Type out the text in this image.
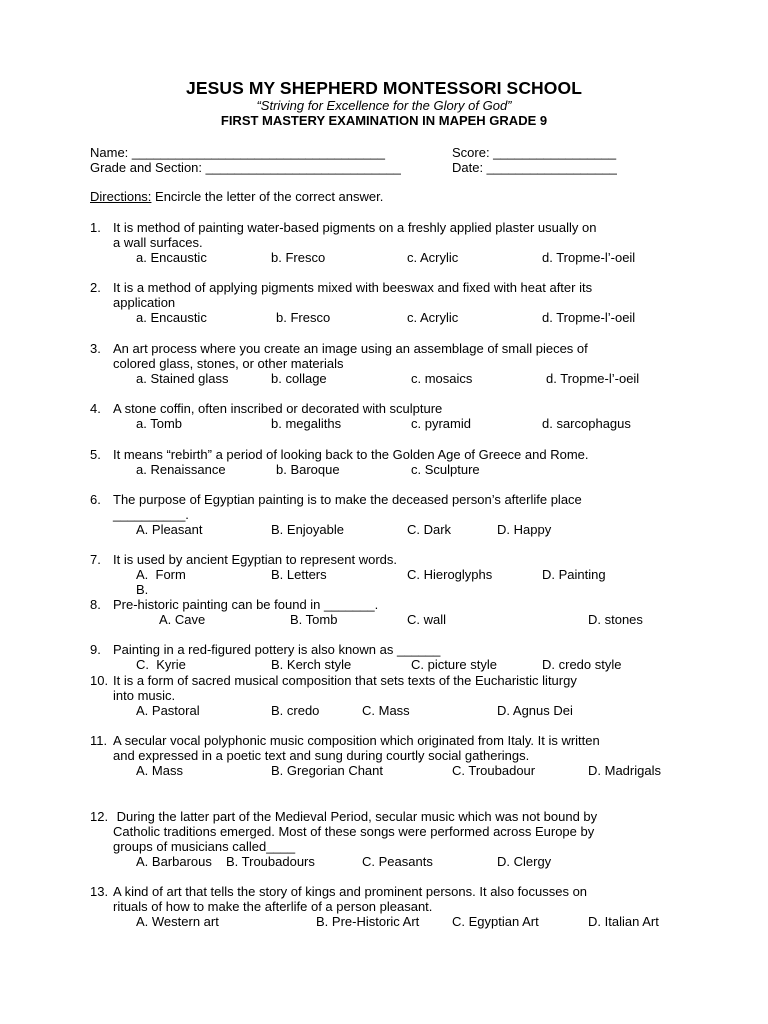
JESUS MY SHEPHERD MONTESSORI SCHOOL
“Striving for Excellence for the Glory of God”
FIRST MASTERY EXAMINATION IN MAPEH GRADE 9
Name: ___________________________________	Score: _________________
Grade and Section: ___________________________	Date: __________________
Directions: Encircle the letter of the correct answer.
1. It is method of painting water-based pigments on a freshly applied plaster usually on
a wall surfaces.
a. Encaustic	b. Fresco	c. Acrylic	d. Tropme-l’-oeil
2. It is a method of applying pigments mixed with beeswax and fixed with heat after its
application
a. Encaustic	b. Fresco	c. Acrylic	d. Tropme-l’-oeil
3. An art process where you create an image using an assemblage of small pieces of
colored glass, stones, or other materials
a. Stained glass	b. collage	c. mosaics	d. Tropme-l’-oeil
4. A stone coffin, often inscribed or decorated with sculpture
a. Tomb	b. megaliths	c. pyramid	d. sarcophagus
5. It means “rebirth” a period of looking back to the Golden Age of Greece and Rome.
a. Renaissance	b. Baroque	c. Sculpture
6. The purpose of Egyptian painting is to make the deceased person’s afterlife place
__________.
A. Pleasant	B. Enjoyable	C. Dark	D. Happy
7. It is used by ancient Egyptian to represent words.
A.  Form	B. Letters	C. Hieroglyphs	D. Painting
B.
8. Pre-historic painting can be found in _______.
A. Cave	B. Tomb	C. wall	D. stones
9. Painting in a red-figured pottery is also known as ______
C.  Kyrie	B. Kerch style	C. picture style	D. credo style
10. It is a form of sacred musical composition that sets texts of the Eucharistic liturgy
into music.
A. Pastoral	B. credo	C. Mass	D. Agnus Dei
11. A secular vocal polyphonic music composition which originated from Italy. It is written
and expressed in a poetic text and sung during courtly social gatherings.
A. Mass	B. Gregorian Chant	C. Troubadour	D. Madrigals
12. During the latter part of the Medieval Period, secular music which was not bound by
Catholic traditions emerged. Most of these songs were performed across Europe by
groups of musicians called____
A. Barbarous B. Troubadours	C. Peasants	D. Clergy
13. A kind of art that tells the story of kings and prominent persons. It also focusses on
rituals of how to make the afterlife of a person pleasant.
A. Western art	B. Pre-Historic Art	C. Egyptian Art	D. Italian Art
